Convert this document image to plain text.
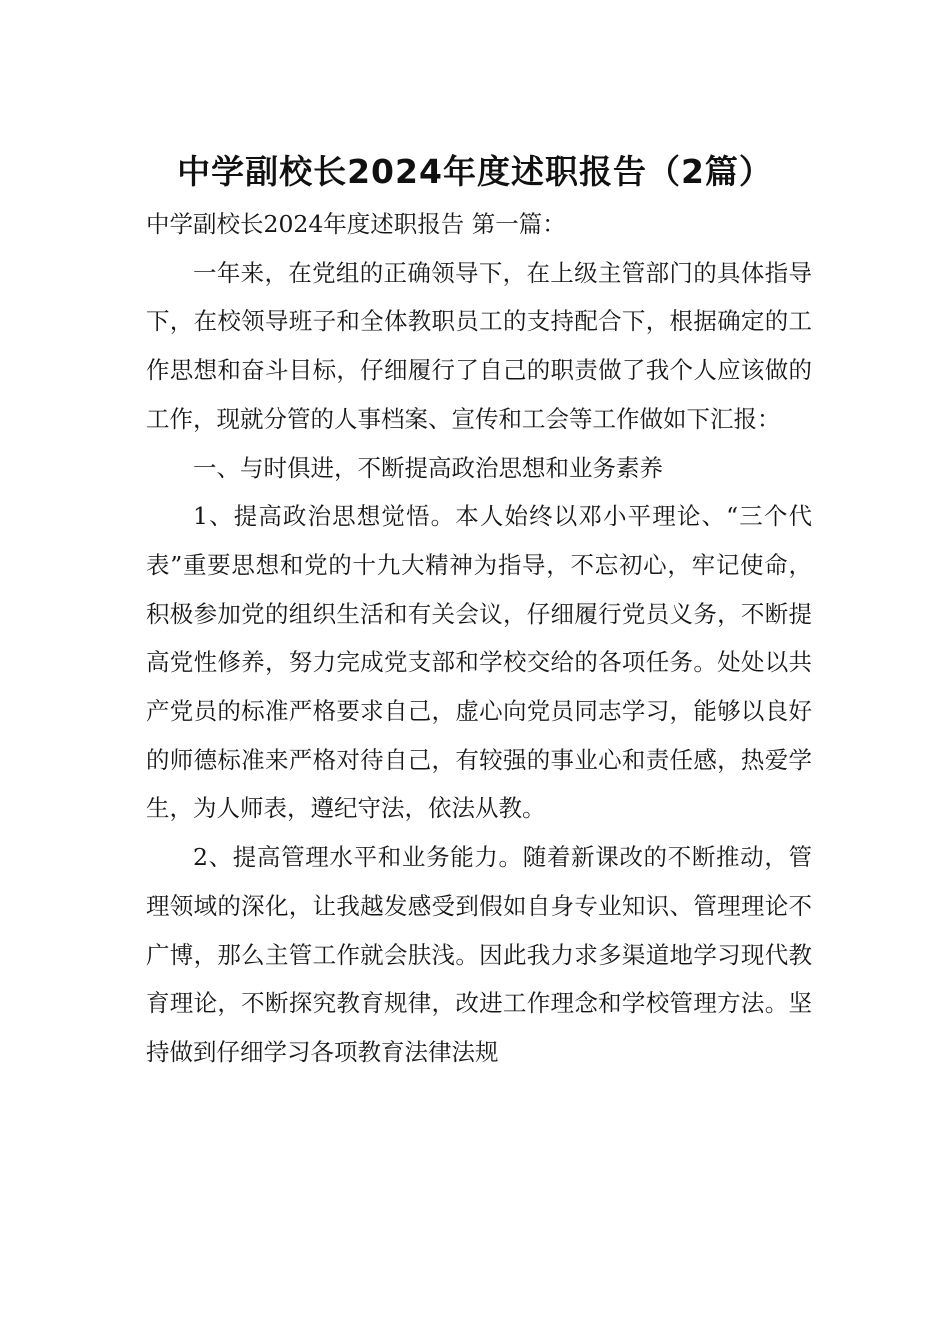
中学副校长2024年度述职报告（2篇）

中学副校长2024年度述职报告 第一篇：

一年来，在党组的正确领导下，在上级主管部门的具体指导下，在校领导班子和全体教职员工的支持配合下，根据确定的工作思想和奋斗目标，仔细履行了自己的职责做了我个人应该做的工作，现就分管的人事档案、宣传和工会等工作做如下汇报：

一、与时俱进，不断提高政治思想和业务素养

1、提高政治思想觉悟。本人始终以邓小平理论、“三个代表”重要思想和党的十九大精神为指导，不忘初心，牢记使命，积极参加党的组织生活和有关会议，仔细履行党员义务，不断提高党性修养，努力完成党支部和学校交给的各项任务。处处以共产党员的标准严格要求自己，虚心向党员同志学习，能够以良好的师德标准来严格对待自己，有较强的事业心和责任感，热爱学生，为人师表，遵纪守法，依法从教。

2、提高管理水平和业务能力。随着新课改的不断推动，管理领域的深化，让我越发感受到假如自身专业知识、管理理论不广博，那么主管工作就会肤浅。因此我力求多渠道地学习现代教育理论，不断探究教育规律，改进工作理念和学校管理方法。坚持做到仔细学习各项教育法律法规
